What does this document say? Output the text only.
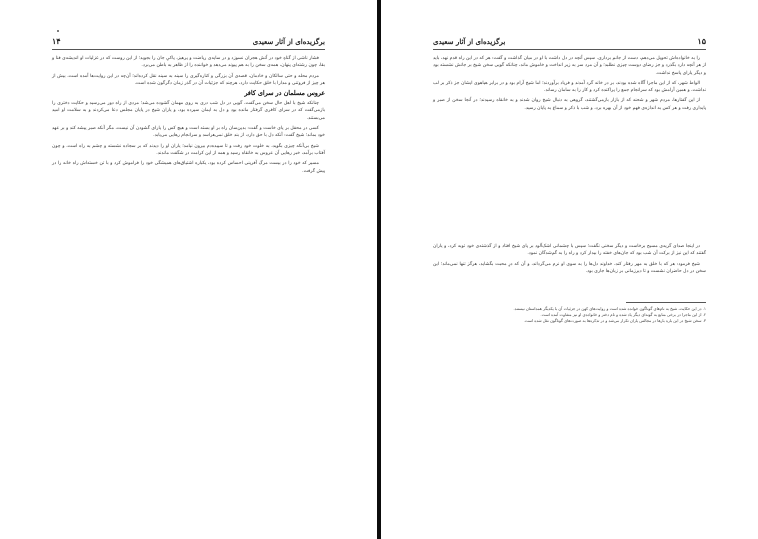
برگزیده‌ای از آثار سعیدی
۱۴

فشار ناشی از گناهِ خود در آتش هجران نسوزد و در سایه‌ی ریاضت و پرهیز، پاکیِ جان را بجوید؛ از این روست که در غزلیات او اندیشه‌ی فنا و بقا، چون رشته‌ای پنهان، همه‌ی سخن را به هم پیوند می‌دهد و خواننده را از ظاهر به باطن می‌برد.

مردم محله و حتی سالکان و خادمان، قصه‌ی آن بزرگی و کناره‌گیری را سینه به سینه نقل کرده‌اند؛ آن‌چه در این روایت‌ها آمده است، بیش از هر چیز از فروتنی و مدارا با خلق حکایت دارد، هرچند که جزئیات آن در گذر زمان دگرگون شده است.

عروس مسلمان در سرای کافر

چنانکه شیخ با اهل حال سخن می‌گفت، گویی در دل شب دری به روی مهمان گشوده می‌شد؛ مردی از راه دور می‌رسید و حکایت دختری را بازمی‌گفت که در سرای کافری گرفتار مانده بود و دل به ایمان سپرده بود، و یاران شیخ در پایان مجلس دعا می‌کردند و به سلامت او امید می‌بستند.

کسی در محفل بر پای خاست و گفت: بدین‌سان راه بر او بسته است و هیچ کس را یارای گشودن آن نیست، مگر آنکه صبر پیشه کند و بر عهد خود بماند؛ شیخ گفت: آنکه دل با حق دارد، از بند خلق نمی‌هراسد و سرانجام رهایی می‌یابد.

شیخ بی‌آنکه چیزی بگوید، به خلوت خود رفت و تا سپیده‌دم بیرون نیامد؛ یاران او را دیدند که بر سجاده نشسته و چشم به راه است، و چون آفتاب برآمد، خبر رهایی آن عروس به خانقاه رسید و همه از این کرامت در شگفت ماندند.

مسیر که خود را در بیست مرگ آفرینی احساس کرده بود، یکباره اشتیاق‌های همیشگی خود را فراموش کرد و با تن خسته‌اش راه خانه را در پیش گرفت.

برگزیده‌ای از آثار سعیدی	۱۵

را به خانواده‌اش تحویل می‌دهم، دست از جانم برداری. سپس آنچه در دل داشت با او در میان گذاشت و گفت: هر که در این راه قدم نهد، باید از هر آنچه دارد بگذرد و جز رضای دوست چیزی نطلبد؛ و آن مرد سر به زیر انداخت و خاموش ماند، چنانکه گویی سخن شیخ بر جانش نشسته بود و دیگر یارای پاسخ نداشت.

الواط شهر، که از این ماجرا آگاه شده بودند، بر در خانه گرد آمدند و فریاد برآوردند؛ اما شیخ آرام بود و در برابر هیاهوی ایشان جز ذکر بر لب نداشت، و همین آرامش بود که سرانجام جمع را پراکنده کرد و کار را به سامان رساند.

از این گفتارها، مردم شهر و شحنه که از بازار بازمی‌گشتند، گروهی به دنبال شیخ روان شدند و به خانقاه رسیدند؛ در آنجا سخن از صبر و پایداری رفت و هر کس به اندازه‌ی فهم خود از آن بهره برد، و شب با ذکر و سماع به پایان رسید.

در اینجا صدای گریه‌ی مسیح برخاست و دیگر سخنی نگفت؛ سپس با چشمانی اشک‌آلود بر پای شیخ افتاد و از گذشته‌ی خود توبه کرد، و یاران گفتند که این نیز از برکت آن شب بود که جان‌های خفته را بیدار کرد و راه را به گم‌شدگان نمود.

شیخ فرمود: هر که با خلق به مهر رفتار کند، خداوند دل‌ها را به سوی او نرم می‌گرداند، و آن که درِ محبت بگشاید، هرگز تنها نمی‌ماند؛ این سخن در دل حاضران نشست و تا دیرزمانی بر زبان‌ها جاری بود.

۱. در این حکایت، شیخ به نام‌های گوناگون خوانده شده است و روایت‌های کهن در جزئیات آن با یکدیگر همداستان نیستند.

۲. از این ماجرا در برخی منابع به گونه‌ای دیگر یاد شده و نام دختر و خانواده‌ی او نیز متفاوت آمده است.

۳. سخن شیخ در این باره بارها در مجالس یاران تکرار می‌شد و در تذکره‌ها به صورت‌های گوناگون نقل شده است.
